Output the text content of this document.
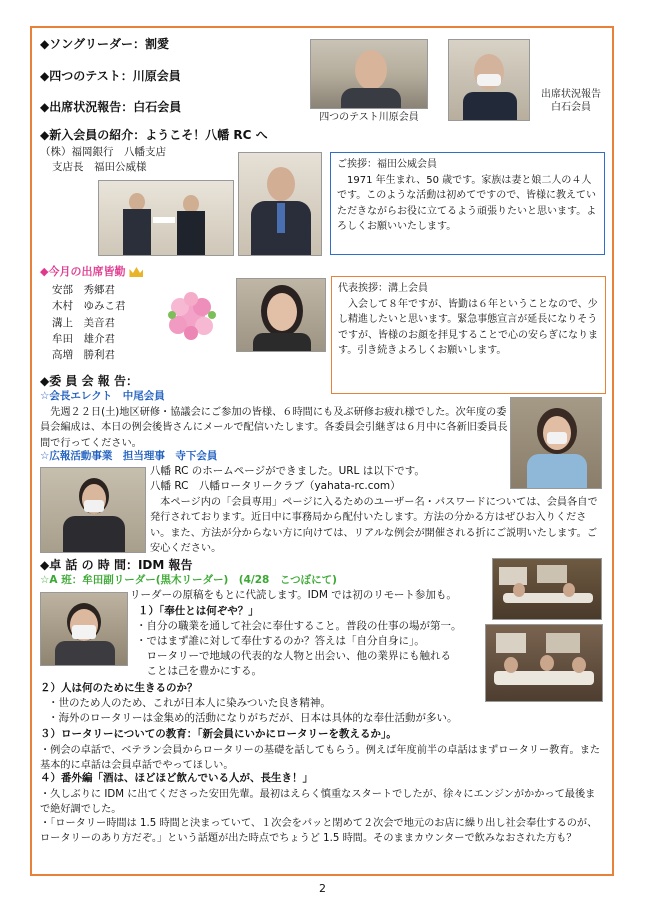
◆ソングリーダー：割愛
◆四つのテスト：川原会員
◆出席状況報告：白石会員
四つのテスト川原会員
出席状況報告
白石会員
◆新入会員の紹介：ようこそ！八幡 RC へ
（株）福岡銀行　八幡支店
支店長　福田公威様	ご挨拶：福田公威会員
　1971 年生まれ、50 歳です。家族は妻と娘二人の４人です。このような活動は初めてですので、皆様に教えていただきながらお役に立てるよう頑張りたいと思います。よろしくお願いいたします。
◆今月の出席皆勤
安部　秀郷君
木村　ゆみこ君
溝上　美音君
牟田　雄介君
高増　勝利君
代表挨拶：溝上会員
　入会して８年ですが、皆勤は６年ということなので、少し精進したいと思います。緊急事態宣言が延長になりそうですが、皆様のお顔を拝見することで心の安らぎになります。引き続きよろしくお願いします。
◆委 員 会 報 告：
☆会長エレクト　中尾会員
　先週２２日(土)地区研修・協議会にご参加の皆様、６時間にも及ぶ研修お疲れ様でした。次年度の委員会編成は、本日の例会後皆さんにメールで配信いたします。各委員会引継ぎは６月中に各新旧委員長間で行ってください。
☆広報活動事業　担当理事　寺下会員
八幡 RC のホームページができました。URL は以下です。
八幡 RC　八幡ロータリークラブ（yahata-rc.com）
　本ページ内の「会員専用」ページに入るためのユーザー名・パスワードについては、会員各自で発行されております。近日中に事務局から配付いたします。方法の分かる方はぜひお入りください。また、方法が分からない方に向けては、リアルな例会が開催される折にご説明いたします。ご安心ください。
◆卓 話 の 時 間：IDM 報告
☆A 班：牟田副リーダー(黒木リーダー)　(4/28　こつぼにて)
リーダーの原稿をもとに代読します。IDM では初のリモート参加も。
１）「奉仕とは何ぞや？」
・自分の職業を通して社会に奉仕すること。普段の仕事の場が第一。
・ではまず誰に対して奉仕するのか？答えは「自分自身に」。
　ロータリーで地域の代表的な人物と出会い、他の業界にも触れる
　ことは己を豊かにする。
２）人は何のために生きるのか？
・世のため人のため、これが日本人に染みついた良き精神。
・海外のロータリーは金集め的活動になりがちだが、日本は具体的な奉仕活動が多い。
３）ロータリーについての教育：「新会員にいかにロータリーを教えるか」。
・例会の卓話で、ベテラン会員からロータリーの基礎を話してもらう。例えば年度前半の卓話はまずロータリー教育。また基本的に卓話は会員卓話でやってほしい。
４）番外編「酒は、ほどほど飲んでいる人が、長生き！」
・久しぶりに IDM に出てくださった安田先輩。最初はえらく慎重なスタートでしたが、徐々にエンジンがかかって最後まで絶好調でした。
・「ロータリー時間は 1.5 時間と決まっていて、１次会をパッと閉めて２次会で地元のお店に繰り出し社会奉仕するのが、ロータリーのあり方だぞ。」という話題が出た時点でちょうど 1.5 時間。そのままカウンターで飲みなおされた方も？
2
